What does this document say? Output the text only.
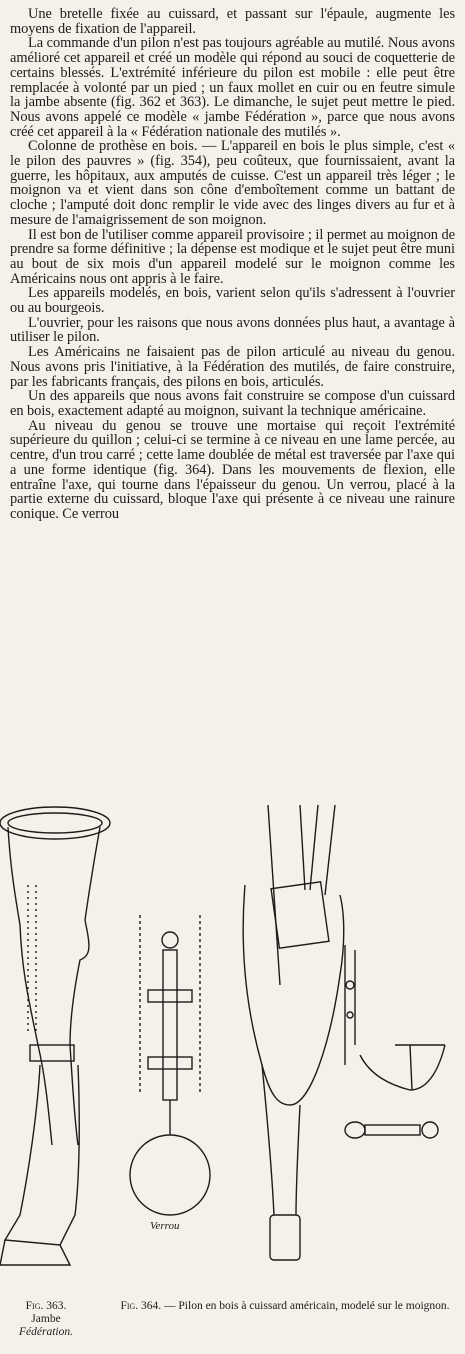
Une bretelle fixée au cuissard, et passant sur l'épaule, augmente les moyens de fixation de l'appareil.

La commande d'un pilon n'est pas toujours agréable au mutilé. Nous avons amélioré cet appareil et créé un modèle qui répond au souci de coquetterie de certains blessés. L'extrémité inférieure du pilon est mobile : elle peut être remplacée à volonté par un pied ; un faux mollet en cuir ou en feutre simule la jambe absente (fig. 362 et 363). Le dimanche, le sujet peut mettre le pied. Nous avons appelé ce modèle « jambe Fédération », parce que nous avons créé cet appareil à la « Fédération nationale des mutilés ».

Colonne de prothèse en bois. — L'appareil en bois le plus simple, c'est « le pilon des pauvres » (fig. 354), peu coûteux, que fournissaient, avant la guerre, les hôpitaux, aux amputés de cuisse. C'est un appareil très léger ; le moignon va et vient dans son cône d'emboîtement comme un battant de cloche ; l'amputé doit donc remplir le vide avec des linges divers au fur et à mesure de l'amaigrissement de son moignon.

Il est bon de l'utiliser comme appareil provisoire ; il permet au moignon de prendre sa forme définitive ; la dépense est modique et le sujet peut être muni au bout de six mois d'un appareil modelé sur le moignon comme les Américains nous ont appris à le faire.

Les appareils modelés, en bois, varient selon qu'ils s'adressent à l'ouvrier ou au bourgeois.

L'ouvrier, pour les raisons que nous avons données plus haut, a avantage à utiliser le pilon.

Les Américains ne faisaient pas de pilon articulé au niveau du genou. Nous avons pris l'initiative, à la Fédération des mutilés, de faire construire, par les fabricants français, des pilons en bois, articulés.

Un des appareils que nous avons fait construire se compose d'un cuissard en bois, exactement adapté au moignon, suivant la technique américaine.

Au niveau du genou se trouve une mortaise qui reçoit l'extrémité supérieure du quillon ; celui-ci se termine à ce niveau en une lame percée, au centre, d'un trou carré ; cette lame doublée de métal est traversée par l'axe qui a une forme identique (fig. 364). Dans les mouvements de flexion, elle entraîne l'axe, qui tourne dans l'épaisseur du genou. Un verrou, placé à la partie externe du cuissard, bloque l'axe qui présente à ce niveau une rainure conique. Ce verrou

Verrou
Fig. 363.
Jambe
Fédération.
Fig. 364. — Pilon en bois à cuissard américain, modelé sur le moignon.
